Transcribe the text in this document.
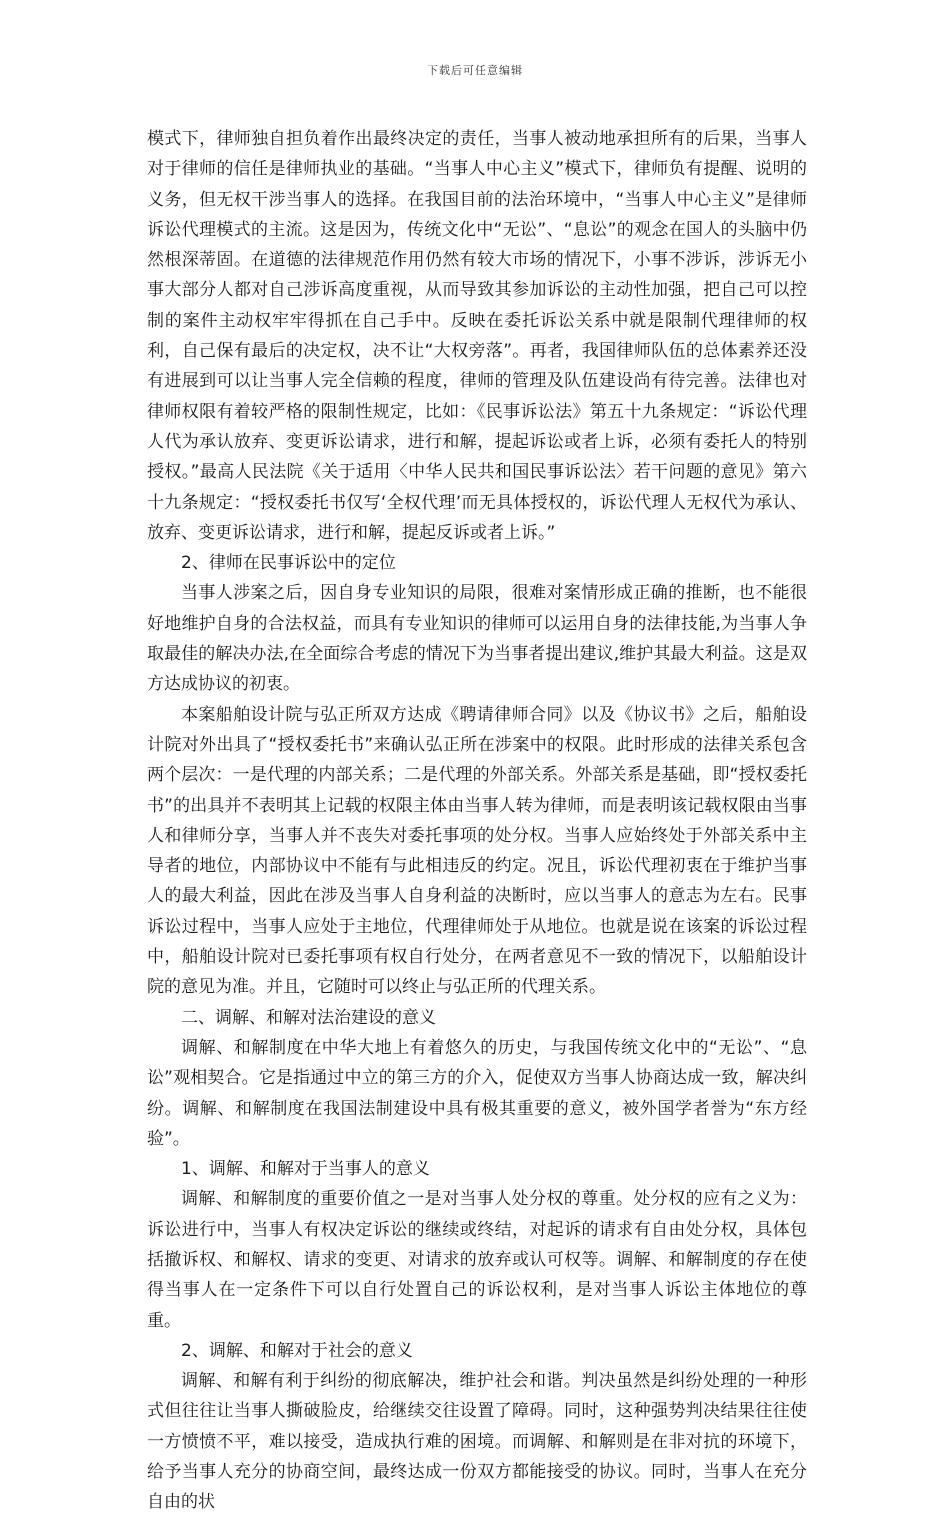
下载后可任意编辑

模式下，律师独自担负着作出最终决定的责任，当事人被动地承担所有的后果，当事人对于律师的信任是律师执业的基础。“当事人中心主义”模式下，律师负有提醒、说明的义务，但无权干涉当事人的选择。在我国目前的法治环境中，“当事人中心主义”是律师诉讼代理模式的主流。这是因为，传统文化中“无讼”、“息讼”的观念在国人的头脑中仍然根深蒂固。在道德的法律规范作用仍然有较大市场的情况下，小事不涉诉，涉诉无小事大部分人都对自己涉诉高度重视，从而导致其参加诉讼的主动性加强，把自己可以控制的案件主动权牢牢得抓在自己手中。反映在委托诉讼关系中就是限制代理律师的权利，自己保有最后的决定权，决不让“大权旁落”。再者，我国律师队伍的总体素养还没有进展到可以让当事人完全信赖的程度，律师的管理及队伍建设尚有待完善。法律也对律师权限有着较严格的限制性规定，比如：《民事诉讼法》第五十九条规定：“诉讼代理人代为承认放弃、变更诉讼请求，进行和解，提起诉讼或者上诉，必须有委托人的特别授权。”最高人民法院《关于适用〈中华人民共和国民事诉讼法〉若干问题的意见》第六十九条规定：“授权委托书仅写‘全权代理’而无具体授权的，诉讼代理人无权代为承认、放弃、变更诉讼请求，进行和解，提起反诉或者上诉。”

2、律师在民事诉讼中的定位

当事人涉案之后，因自身专业知识的局限，很难对案情形成正确的推断，也不能很好地维护自身的合法权益，而具有专业知识的律师可以运用自身的法律技能,为当事人争取最佳的解决办法,在全面综合考虑的情况下为当事者提出建议,维护其最大利益。这是双方达成协议的初衷。

本案船舶设计院与弘正所双方达成《聘请律师合同》以及《协议书》之后，船舶设计院对外出具了“授权委托书”来确认弘正所在涉案中的权限。此时形成的法律关系包含两个层次：一是代理的内部关系；二是代理的外部关系。外部关系是基础，即“授权委托书”的出具并不表明其上记载的权限主体由当事人转为律师，而是表明该记载权限由当事人和律师分享，当事人并不丧失对委托事项的处分权。当事人应始终处于外部关系中主导者的地位，内部协议中不能有与此相违反的约定。况且，诉讼代理初衷在于维护当事人的最大利益，因此在涉及当事人自身利益的决断时，应以当事人的意志为左右。民事诉讼过程中，当事人应处于主地位，代理律师处于从地位。也就是说在该案的诉讼过程中，船舶设计院对已委托事项有权自行处分，在两者意见不一致的情况下，以船舶设计院的意见为准。并且，它随时可以终止与弘正所的代理关系。

二、调解、和解对法治建设的意义

调解、和解制度在中华大地上有着悠久的历史，与我国传统文化中的“无讼”、“息讼”观相契合。它是指通过中立的第三方的介入，促使双方当事人协商达成一致，解决纠纷。调解、和解制度在我国法制建设中具有极其重要的意义，被外国学者誉为“东方经验”。

1、调解、和解对于当事人的意义

调解、和解制度的重要价值之一是对当事人处分权的尊重。处分权的应有之义为：诉讼进行中，当事人有权决定诉讼的继续或终结，对起诉的请求有自由处分权，具体包括撤诉权、和解权、请求的变更、对请求的放弃或认可权等。调解、和解制度的存在使得当事人在一定条件下可以自行处置自己的诉讼权利，是对当事人诉讼主体地位的尊重。

2、调解、和解对于社会的意义

调解、和解有利于纠纷的彻底解决，维护社会和谐。判决虽然是纠纷处理的一种形式但往往让当事人撕破脸皮，给继续交往设置了障碍。同时，这种强势判决结果往往使一方愤愤不平，难以接受，造成执行难的困境。而调解、和解则是在非对抗的环境下，给予当事人充分的协商空间，最终达成一份双方都能接受的协议。同时，当事人在充分自由的状
